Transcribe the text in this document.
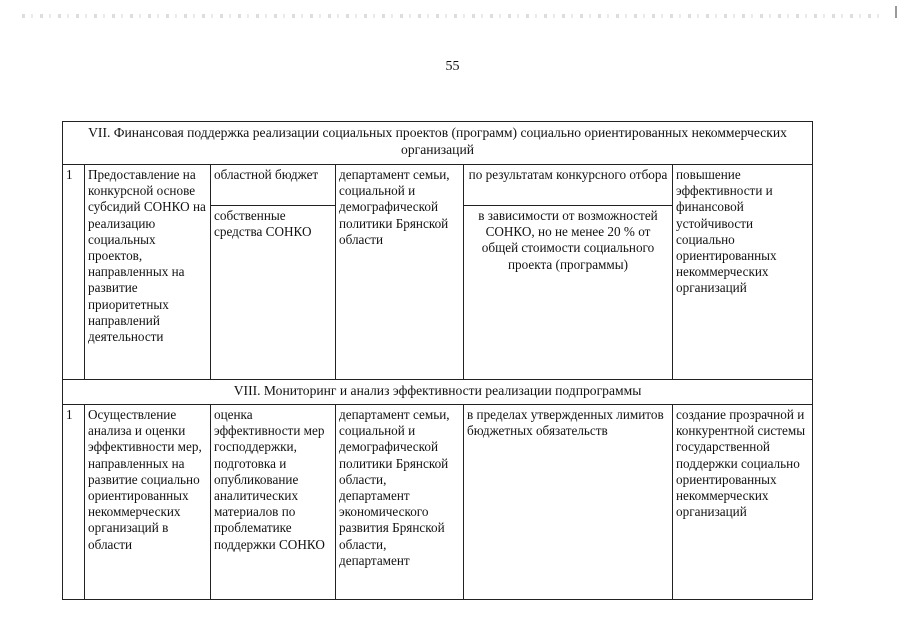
55
VII. Финансовая поддержка реализации социальных проектов (программ) социально ориентированных некоммерческих организаций					
1	Предоставление на конкурсной основе субсидий СОНКО на реализацию социальных проектов, направленных на развитие приоритетных направлений деятельности	областной бюджет	департамент семьи, социальной и демографической политики Брянской области	по результатам конкурсного отбора	повышение эффективности и финансовой устойчивости социально ориентированных некоммерческих организаций
		собственные средства СОНКО		в зависимости от возможностей СОНКО, но не менее 20 % от общей стоимости социального проекта (программы)	
VIII. Мониторинг и анализ эффективности реализации подпрограммы					
1	Осуществление анализа и оценки эффективности мер, направленных на развитие социально ориентированных некоммерческих организаций в области	оценка эффективности мер господдержки, подготовка и опубликование аналитических материалов по проблематике поддержки СОНКО	департамент семьи, социальной и демографической политики Брянской области, департамент экономического развития Брянской области, департамент	в пределах утвержденных лимитов бюджетных обязательств	создание прозрачной и конкурентной системы государственной поддержки социально ориентированных некоммерческих организаций
